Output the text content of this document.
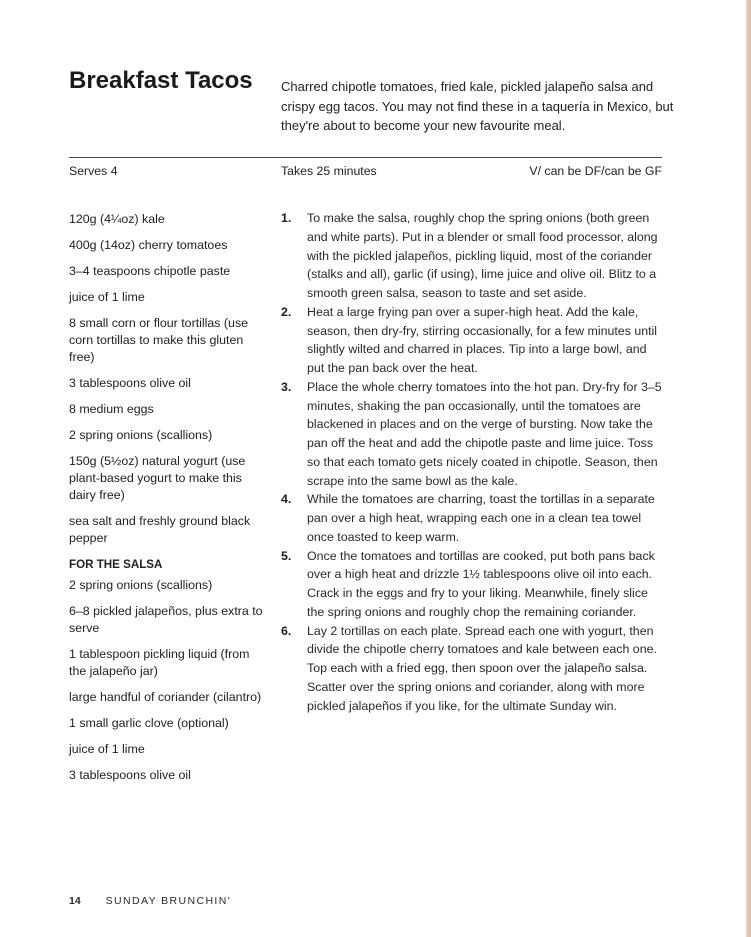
Breakfast Tacos	Charred chipotle tomatoes, fried kale, pickled jalapeño salsa and crispy egg tacos. You may not find these in a taquería in Mexico, but they're about to become your new favourite meal.

Serves 4	Takes 25 minutes	V/ can be DF/can be GF
120g (4¼oz) kale
400g (14oz) cherry tomatoes
3–4 teaspoons chipotle paste
juice of 1 lime
8 small corn or flour tortillas (use corn tortillas to make this gluten free)
3 tablespoons olive oil
8 medium eggs
2 spring onions (scallions)
150g (5½oz) natural yogurt (use plant-based yogurt to make this dairy free)
sea salt and freshly ground black pepper
FOR THE SALSA
2 spring onions (scallions)
6–8 pickled jalapeños, plus extra to serve
1 tablespoon pickling liquid (from the jalapeño jar)
large handful of coriander (cilantro)
1 small garlic clove (optional)
juice of 1 lime
3 tablespoons olive oil
1. To make the salsa, roughly chop the spring onions (both green and white parts). Put in a blender or small food processor, along with the pickled jalapeños, pickling liquid, most of the coriander (stalks and all), garlic (if using), lime juice and olive oil. Blitz to a smooth green salsa, season to taste and set aside.
2. Heat a large frying pan over a super-high heat. Add the kale, season, then dry-fry, stirring occasionally, for a few minutes until slightly wilted and charred in places. Tip into a large bowl, and put the pan back over the heat.
3. Place the whole cherry tomatoes into the hot pan. Dry-fry for 3–5 minutes, shaking the pan occasionally, until the tomatoes are blackened in places and on the verge of bursting. Now take the pan off the heat and add the chipotle paste and lime juice. Toss so that each tomato gets nicely coated in chipotle. Season, then scrape into the same bowl as the kale.
4. While the tomatoes are charring, toast the tortillas in a separate pan over a high heat, wrapping each one in a clean tea towel once toasted to keep warm.
5. Once the tomatoes and tortillas are cooked, put both pans back over a high heat and drizzle 1½ tablespoons olive oil into each. Crack in the eggs and fry to your liking. Meanwhile, finely slice the spring onions and roughly chop the remaining coriander.
6. Lay 2 tortillas on each plate. Spread each one with yogurt, then divide the chipotle cherry tomatoes and kale between each one. Top each with a fried egg, then spoon over the jalapeño salsa. Scatter over the spring onions and coriander, along with more pickled jalapeños if you like, for the ultimate Sunday win.
14 SUNDAY BRUNCHIN'
